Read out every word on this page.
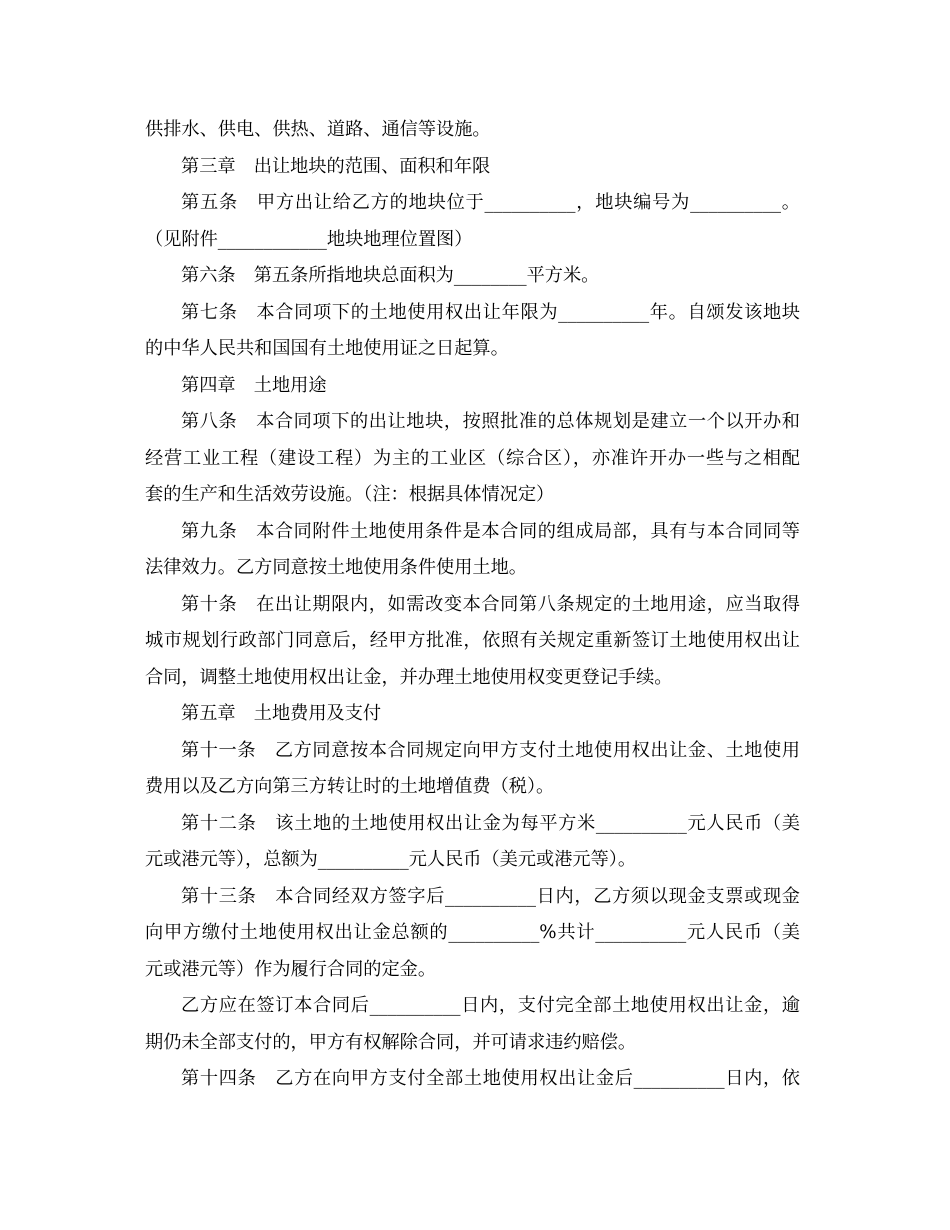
供排水、供电、供热、道路、通信等设施。
第三章　出让地块的范围、面积和年限
第五条　甲方出让给乙方的地块位于__________，地块编号为__________。
（见附件____________地块地理位置图）
第六条　第五条所指地块总面积为________平方米。
第七条　本合同项下的土地使用权出让年限为__________年。自颂发该地块
的中华人民共和国国有土地使用证之日起算。
第四章　土地用途
第八条　本合同项下的出让地块，按照批准的总体规划是建立一个以开办和
经营工业工程（建设工程）为主的工业区（综合区），亦准许开办一些与之相配
套的生产和生活效劳设施。（注：根据具体情况定）
第九条　本合同附件土地使用条件是本合同的组成局部，具有与本合同同等
法律效力。乙方同意按土地使用条件使用土地。
第十条　在出让期限内，如需改变本合同第八条规定的土地用途，应当取得
城市规划行政部门同意后，经甲方批准，依照有关规定重新签订土地使用权出让
合同，调整土地使用权出让金，并办理土地使用权变更登记手续。
第五章　土地费用及支付
第十一条　乙方同意按本合同规定向甲方支付土地使用权出让金、土地使用
费用以及乙方向第三方转让时的土地增值费（税）。
第十二条　该土地的土地使用权出让金为每平方米__________元人民币（美
元或港元等），总额为__________元人民币（美元或港元等）。
第十三条　本合同经双方签字后__________日内，乙方须以现金支票或现金
向甲方缴付土地使用权出让金总额的__________%共计__________元人民币（美
元或港元等）作为履行合同的定金。
乙方应在签订本合同后__________日内，支付完全部土地使用权出让金，逾
期仍未全部支付的，甲方有权解除合同，并可请求违约赔偿。
第十四条　乙方在向甲方支付全部土地使用权出让金后__________日内，依
